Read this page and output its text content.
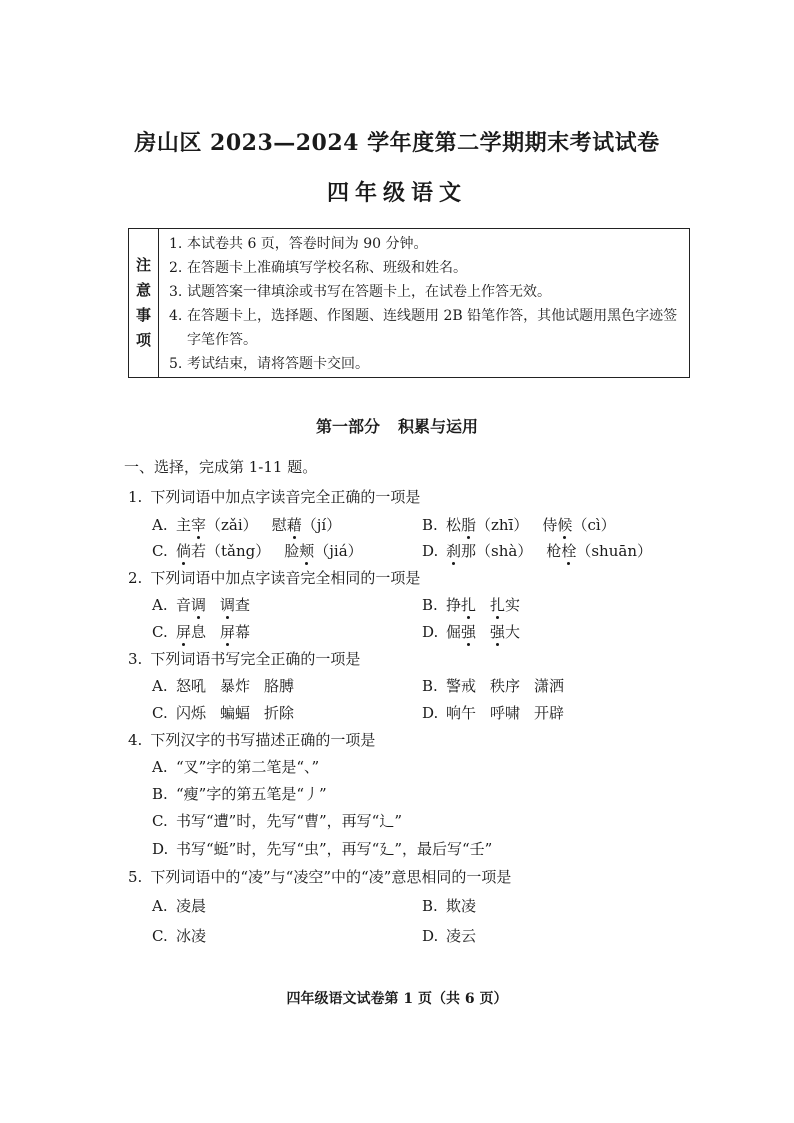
房山区 2023—2024 学年度第二学期期末考试试卷
四年级语文
注
意
事
项
1. 本试卷共 6 页，答卷时间为 90 分钟。
2. 在答题卡上准确填写学校名称、班级和姓名。
3. 试题答案一律填涂或书写在答题卡上，在试卷上作答无效。
4. 在答题卡上，选择题、作图题、连线题用 2B 铅笔作答，其他试题用黑色字迹签字笔作答。
5. 考试结束，请将答题卡交回。
第一部分 积累与运用
一、选择，完成第 1-11 题。
1. 下列词语中加点字读音完全正确的一项是
A. 主宰（zǎi） 慰藉（jí）	B. 松脂（zhī） 侍候（cì）
C. 倘若（tǎng） 脸颊（jiá）	D. 刹那（shà） 枪栓（shuān）
2. 下列词语中加点字读音完全相同的一项是
A. 音调 调查	B. 挣扎 扎实
C. 屏息 屏幕	D. 倔强 强大
3. 下列词语书写完全正确的一项是
A. 怒吼 暴炸 胳膊	B. 警戒 秩序 潇洒
C. 闪烁 蝙蝠 折除	D. 响午 呼啸 开辟
4. 下列汉字的书写描述正确的一项是
A. “叉”字的第二笔是“、”
B. “瘦”字的第五笔是“丿”
C. 书写“遭”时，先写“曹”，再写“辶”
D. 书写“蜓”时，先写“虫”，再写“廴”，最后写“壬”
5. 下列词语中的“凌”与“凌空”中的“凌”意思相同的一项是
A. 凌晨	B. 欺凌
C. 冰凌	D. 凌云
四年级语文试卷第 1 页（共 6 页）
